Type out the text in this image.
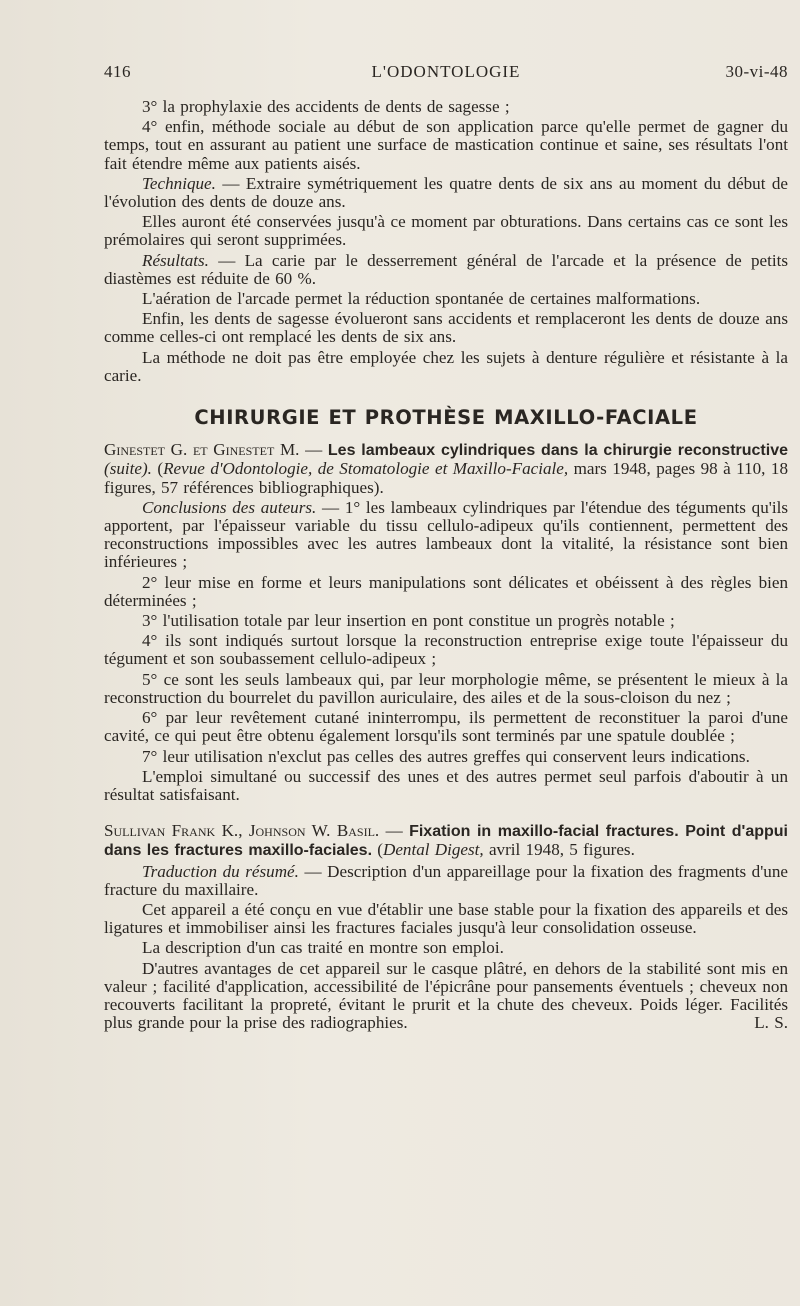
416	L'ODONTOLOGIE	30-vi-48

3° la prophylaxie des accidents de dents de sagesse ;

4° enfin, méthode sociale au début de son application parce qu'elle permet de gagner du temps, tout en assurant au patient une surface de mastication continue et saine, ses résultats l'ont fait étendre même aux patients aisés.

Technique. — Extraire symétriquement les quatre dents de six ans au moment du début de l'évolution des dents de douze ans.

Elles auront été conservées jusqu'à ce moment par obturations. Dans certains cas ce sont les prémolaires qui seront supprimées.

Résultats. — La carie par le desserrement général de l'arcade et la présence de petits diastèmes est réduite de 60 %.

L'aération de l'arcade permet la réduction spontanée de certaines malformations.

Enfin, les dents de sagesse évolueront sans accidents et remplaceront les dents de douze ans comme celles-ci ont remplacé les dents de six ans.

La méthode ne doit pas être employée chez les sujets à denture régulière et résistante à la carie.

CHIRURGIE ET PROTHÈSE MAXILLO-FACIALE

Ginestet G. et Ginestet M. — Les lambeaux cylindriques dans la chirurgie reconstructive (suite). (Revue d'Odontologie, de Stomatologie et Maxillo-Faciale, mars 1948, pages 98 à 110, 18 figures, 57 références bibliographiques).

Conclusions des auteurs. — 1° les lambeaux cylindriques par l'étendue des téguments qu'ils apportent, par l'épaisseur variable du tissu cellulo-adipeux qu'ils contiennent, permettent des reconstructions impossibles avec les autres lambeaux dont la vitalité, la résistance sont bien inférieures ;

2° leur mise en forme et leurs manipulations sont délicates et obéissent à des règles bien déterminées ;

3° l'utilisation totale par leur insertion en pont constitue un progrès notable ;

4° ils sont indiqués surtout lorsque la reconstruction entreprise exige toute l'épaisseur du tégument et son soubassement cellulo-adipeux ;

5° ce sont les seuls lambeaux qui, par leur morphologie même, se présentent le mieux à la reconstruction du bourrelet du pavillon auriculaire, des ailes et de la sous-cloison du nez ;

6° par leur revêtement cutané ininterrompu, ils permettent de reconstituer la paroi d'une cavité, ce qui peut être obtenu également lorsqu'ils sont terminés par une spatule doublée ;

7° leur utilisation n'exclut pas celles des autres greffes qui conservent leurs indications.

L'emploi simultané ou successif des unes et des autres permet seul parfois d'aboutir à un résultat satisfaisant.

Sullivan Frank K., Johnson W. Basil. — Fixation in maxillo-facial fractures. Point d'appui dans les fractures maxillo-faciales. (Dental Digest, avril 1948, 5 figures.

Traduction du résumé. — Description d'un appareillage pour la fixation des fragments d'une fracture du maxillaire.

Cet appareil a été conçu en vue d'établir une base stable pour la fixation des appareils et des ligatures et immobiliser ainsi les fractures faciales jusqu'à leur consolidation osseuse.

La description d'un cas traité en montre son emploi.

D'autres avantages de cet appareil sur le casque plâtré, en dehors de la stabilité sont mis en valeur ; facilité d'application, accessibilité de l'épicrâne pour pansements éventuels ; cheveux non recouverts facilitant la propreté, évitant le prurit et la chute des cheveux. Poids léger. Facilités plus grande pour la prise des radiographies.	L. S.
